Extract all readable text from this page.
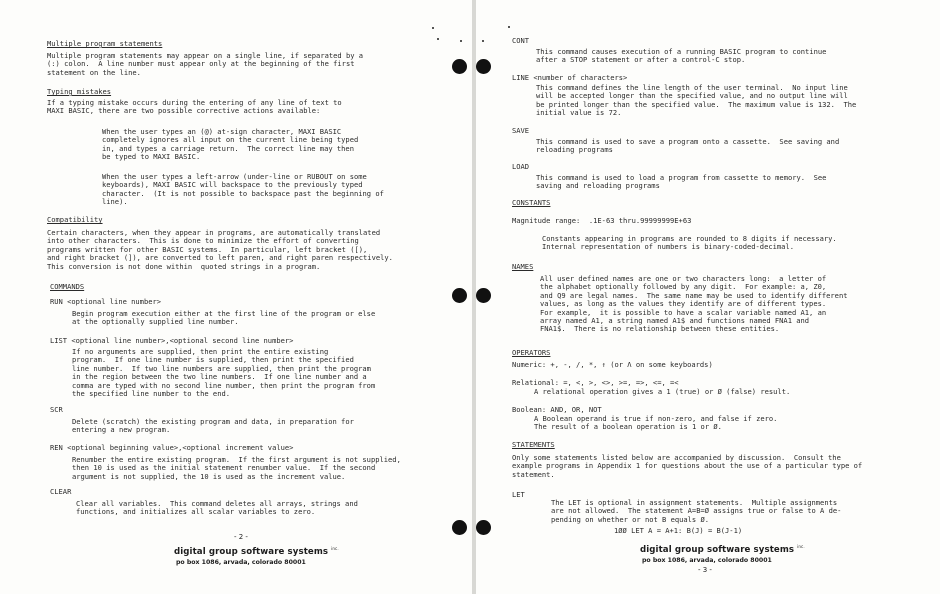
Multiple program statements
Multiple program statements may appear on a single line, if separated by a
(:) colon.  A line number must appear only at the beginning of the first
statement on the line.
Typing mistakes
If a typing mistake occurs during the entering of any line of text to
MAXI BASIC, there are two possible corrective actions available:
When the user types an (@) at-sign character, MAXI BASIC
completely ignores all input on the current line being typed
in, and types a carriage return.  The correct line may then
be typed to MAXI BASIC.
When the user types a left-arrow (under-line or RUBOUT on some
keyboards), MAXI BASIC will backspace to the previously typed
character.  (It is not possible to backspace past the beginning of
line).
Compatibility
Certain characters, when they appear in programs, are automatically translated
into other characters.  This is done to minimize the effort of converting
programs written for other BASIC systems.  In particular, left bracket ([),
and right bracket (]), are converted to left paren, and right paren respectively.
This conversion is not done within  quoted strings in a program.
COMMANDS
RUN <optional line number>
Begin program execution either at the first line of the program or else
at the optionally supplied line number.
LIST <optional line number>,<optional second line number>
If no arguments are supplied, then print the entire existing
program.  If one line number is supplied, then print the specified
line number.  If two line numbers are supplied, then print the program
in the region between the two line numbers.  If one line number and a
comma are typed with no second line number, then print the program from
the specified line number to the end.
SCR
Delete (scratch) the existing program and data, in preparation for
entering a new program.
REN <optional beginning value>,<optional increment value>
Renumber the entire existing program.  If the first argument is not supplied,
then 10 is used as the initial statement renumber value.  If the second
argument is not supplied, the 10 is used as the increment value.
CLEAR
Clear all variables.  This command deletes all arrays, strings and
functions, and initializes all scalar variables to zero.
- 2 -
digital group software systems $^{inc.}$
po box 1086, arvada, colorado 80001
CONT
This command causes execution of a running BASIC program to continue
after a STOP statement or after a control-C stop.
LINE <number of characters>
This command defines the line length of the user terminal.  No input line
will be accepted longer than the specified value, and no output line will
be printed longer than the specified value.  The maximum value is 132.  The
initial value is 72.
SAVE
This command is used to save a program onto a cassette.  See saving and
reloading programs
LOAD
This command is used to load a program from cassette to memory.  See
saving and reloading programs
CONSTANTS
Magnitude range:  .1E-63 thru.99999999E+63
Constants appearing in programs are rounded to 8 digits if necessary.
Internal representation of numbers is binary-coded-decimal.
NAMES
All user defined names are one or two characters long:  a letter of
the alphabet optionally followed by any digit.  For example: a, Z0,
and Q9 are legal names.  The same name may be used to identify different
values, as long as the values they identify are of different types.
For example,  it is possible to have a scalar variable named A1, an
array named A1, a string named A1$ and functions named FNA1 and
FNA1$.  There is no relationship between these entities.
OPERATORS
Numeric: +, -, /, *, ↑ (or Λ on some keyboards)
Relational: =, <, >, <>, >=, =>, <=, =<
A relational operation gives a 1 (true) or Ø (false) result.
Boolean: AND, OR, NOT
A Boolean operand is true if non-zero, and false if zero.
The result of a boolean operation is 1 or Ø.
STATEMENTS
Only some statements listed below are accompanied by discussion.  Consult the
example programs in Appendix 1 for questions about the use of a particular type of
statement.
LET
The LET is optional in assignment statements.  Multiple assignments
are not allowed.  The statement A=B=Ø assigns true or false to A de-
pending on whether or not B equals Ø.
1ØØ LET A = A+1: B(J) = B(J-1)
digital group software systems $^{inc.}$
po box 1086, arvada, colorado 80001
- 3 -
